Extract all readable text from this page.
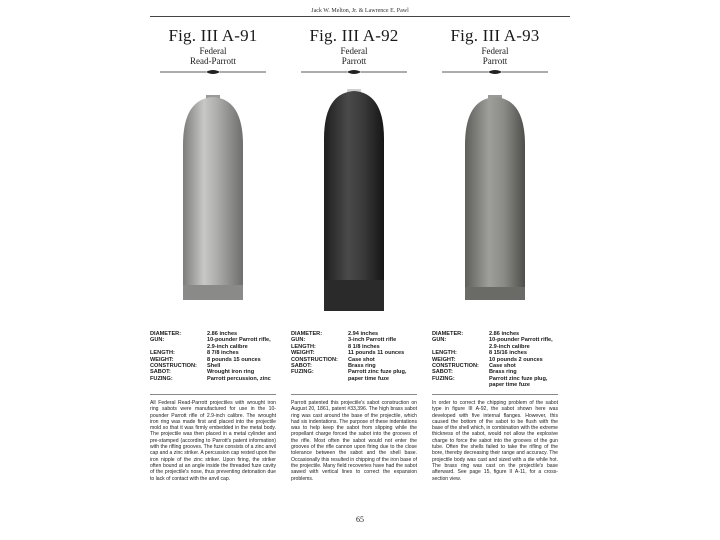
Jack W. Melton, Jr. & Lawrence E. Pawl
Fig. III A-91
Federal
Read-Parrott
Fig. III A-92
Federal
Parrott
Fig. III A-93
Federal
Parrott
DIAMETER:	2.86 inches
GUN:	10-pounder Parrott rifle, 2.9-inch calibre
LENGTH:	8 7/8 inches
WEIGHT:	8 pounds 15 ounces
CONSTRUCTION:	Shell
SABOT:	Wrought iron ring
FUZING:	Parrott percussion, zinc
DIAMETER:	2.94 inches
GUN:	3-inch Parrott rifle
LENGTH:	8 1/8 inches
WEIGHT:	11 pounds 11 ounces
CONSTRUCTION:	Case shot
SABOT:	Brass ring
FUZING:	Parrott zinc fuze plug, paper time fuze
DIAMETER:	2.86 inches
GUN:	10-pounder Parrott rifle, 2.9-inch calibre
LENGTH:	8 15/16 inches
WEIGHT:	10 pounds 2 ounces
CONSTRUCTION:	Case shot
SABOT:	Brass ring
FUZING:	Parrott zinc fuze plug, paper time fuze
All Federal Read-Parrott projectiles with wrought iron ring sabots were manufactured for use in the 10-pounder Parrott rifle of 2.9-inch calibre. The wrought iron ring was made first and placed into the projectile mold so that it was firmly embedded in the metal body. The projectile was then placed in a metal cylinder and pre-stamped (according to Parrott's patent information) with the rifling grooves. The fuze consists of a zinc anvil cap and a zinc striker. A percussion cap rested upon the iron nipple of the zinc striker. Upon firing, the striker often bound at an angle inside the threaded fuze cavity of the projectile's nose, thus preventing detonation due to lack of contact with the anvil cap.
Parrott patented this projectile's sabot construction on August 20, 1861, patent #33,396. The high brass sabot ring was cast around the base of the projectile, which had six indentations. The purpose of these indentations was to help keep the sabot from slipping while the propellant charge forced the sabot into the grooves of the rifle. Most often the sabot would not enter the grooves of the rifle cannon upon firing due to the close tolerance between the sabot and the shell base. Occasionally this resulted in chipping of the iron base of the projectile. Many field recoveries have had the sabot sawed with vertical lines to correct the expansion problems.
In order to correct the chipping problem of the sabot type in figure III A-92, the sabot shown here was developed with five internal flanges. However, this caused the bottom of the sabot to be flush with the base of the shell which, in combination with the extreme thickness of the sabot, would not allow the explosive charge to force the sabot into the grooves of the gun tube. Often the shells failed to take the rifling of the bore, thereby decreasing their range and accuracy. The projectile body was cast and sized with a die while hot. The brass ring was cast on the projectile's base afterward. See page 15, figure II A-11, for a cross-section view.
65
